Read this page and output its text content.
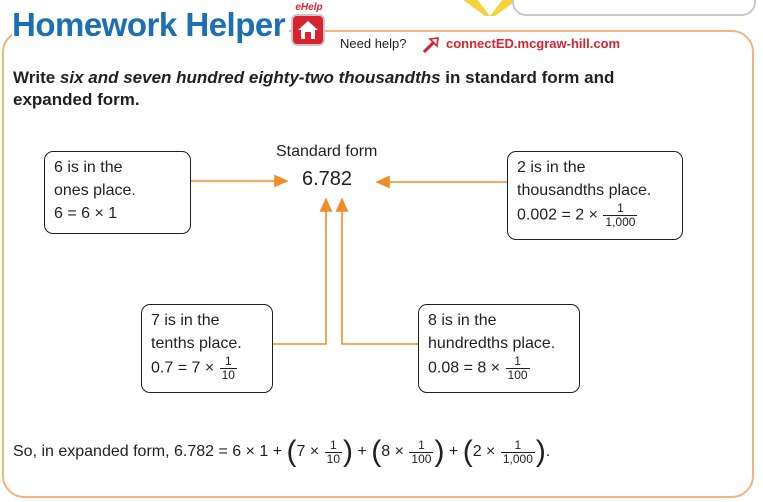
Homework Helper	eHelp
Need help?	connectED.mcgraw-hill.com

Write six and seven hundred eighty-two thousandths in standard form and expanded form.

Standard form
6.782
6 is in the
ones place.
6 = 6 × 1
2 is in the
thousandths place.
$0.002 = 2 \times \frac{1}{1,000}$
7 is in the
tenths place.
$0.7 = 7 \times \frac{1}{10}$
8 is in the
hundredths place.
$0.08 = 8 \times \frac{1}{100}$
So, in expanded form, $6.782 = 6 \times 1 + (7 \times \frac{1}{10}$ ) + ($8 \times \frac{1}{100}$ ) + ($2 \times \frac{1}{1,000}$ ).
